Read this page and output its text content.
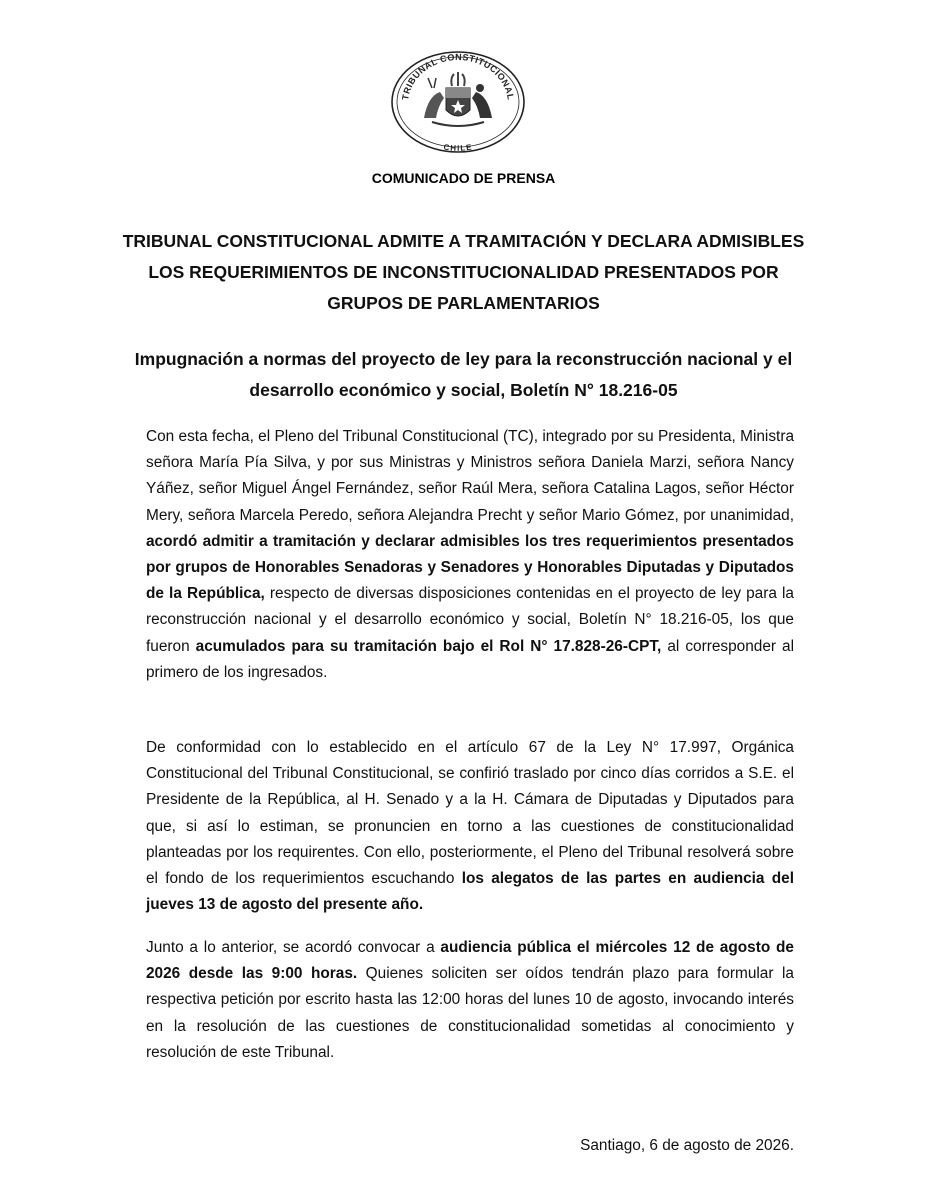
TRIBUNAL CONSTITUCIONAL
CHILE
COMUNICADO DE PRENSA
TRIBUNAL CONSTITUCIONAL ADMITE A TRAMITACIÓN Y DECLARA ADMISIBLES LOS REQUERIMIENTOS DE INCONSTITUCIONALIDAD PRESENTADOS POR GRUPOS DE PARLAMENTARIOS
Impugnación a normas del proyecto de ley para la reconstrucción nacional y el desarrollo económico y social, Boletín N° 18.216-05

Con esta fecha, el Pleno del Tribunal Constitucional (TC), integrado por su Presidenta, Ministra señora María Pía Silva, y por sus Ministras y Ministros señora Daniela Marzi, señora Nancy Yáñez, señor Miguel Ángel Fernández, señor Raúl Mera, señora Catalina Lagos, señor Héctor Mery, señora Marcela Peredo, señora Alejandra Precht y señor Mario Gómez, por unanimidad, acordó admitir a tramitación y declarar admisibles los tres requerimientos presentados por grupos de Honorables Senadoras y Senadores y Honorables Diputadas y Diputados de la República, respecto de diversas disposiciones contenidas en el proyecto de ley para la reconstrucción nacional y el desarrollo económico y social, Boletín N° 18.216-05, los que fueron acumulados para su tramitación bajo el Rol N° 17.828-26-CPT, al corresponder al primero de los ingresados.

De conformidad con lo establecido en el artículo 67 de la Ley N° 17.997, Orgánica Constitucional del Tribunal Constitucional, se confirió traslado por cinco días corridos a S.E. el Presidente de la República, al H. Senado y a la H. Cámara de Diputadas y Diputados para que, si así lo estiman, se pronuncien en torno a las cuestiones de constitucionalidad planteadas por los requirentes. Con ello, posteriormente, el Pleno del Tribunal resolverá sobre el fondo de los requerimientos escuchando los alegatos de las partes en audiencia del jueves 13 de agosto del presente año.

Junto a lo anterior, se acordó convocar a audiencia pública el miércoles 12 de agosto de 2026 desde las 9:00 horas. Quienes soliciten ser oídos tendrán plazo para formular la respectiva petición por escrito hasta las 12:00 horas del lunes 10 de agosto, invocando interés en la resolución de las cuestiones de constitucionalidad sometidas al conocimiento y resolución de este Tribunal.

Santiago, 6 de agosto de 2026.
